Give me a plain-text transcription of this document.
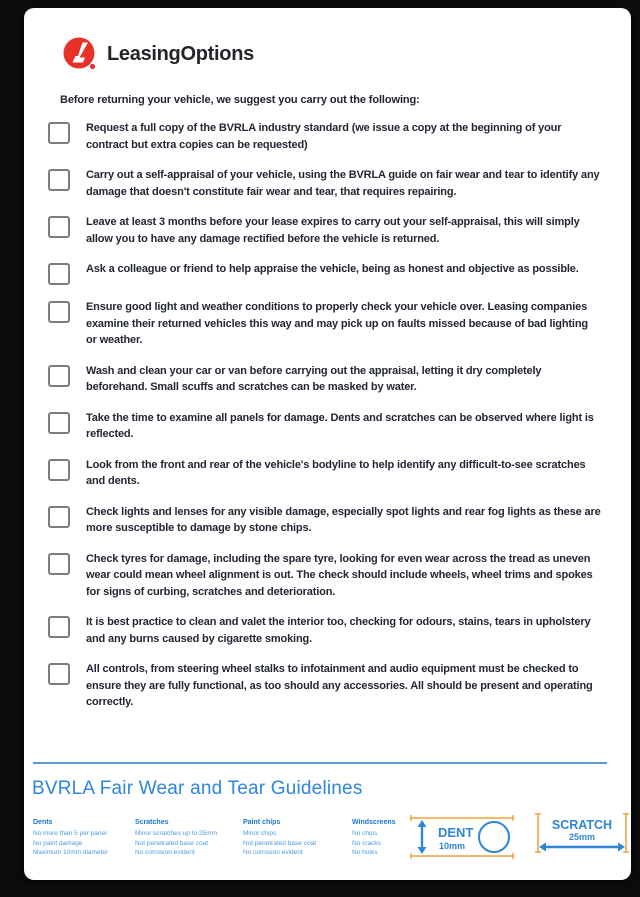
LeasingOptions
Before returning your vehicle, we suggest you carry out the following:
Request a full copy of the BVRLA industry standard (we issue a copy at the beginning of your contract but extra copies can be requested)
Carry out a self-appraisal of your vehicle, using the BVRLA guide on fair wear and tear to identify any damage that doesn't constitute fair wear and tear, that requires repairing.
Leave at least 3 months before your lease expires to carry out your self-appraisal, this will simply allow you to have any damage rectified before the vehicle is returned.
Ask a colleague or friend to help appraise the vehicle, being as honest and objective as possible.
Ensure good light and weather conditions to properly check your vehicle over. Leasing companies examine their returned vehicles this way and may pick up on faults missed because of bad lighting or weather.
Wash and clean your car or van before carrying out the appraisal, letting it dry completely beforehand. Small scuffs and scratches can be masked by water.
Take the time to examine all panels for damage. Dents and scratches can be observed where light is reflected.
Look from the front and rear of the vehicle's bodyline to help identify any difficult-to-see scratches and dents.
Check lights and lenses for any visible damage, especially spot lights and rear fog lights as these are more susceptible to damage by stone chips.
Check tyres for damage, including the spare tyre, looking for even wear across the tread as uneven wear could mean wheel alignment is out. The check should include wheels, wheel trims and spokes for signs of curbing, scratches and deterioration.
It is best practice to clean and valet the interior too, checking for odours, stains, tears in upholstery and any burns caused by cigarette smoking.
All controls, from steering wheel stalks to infotainment and audio equipment must be checked to ensure they are fully functional, as too should any accessories. All should be present and operating correctly.
BVRLA Fair Wear and Tear Guidelines
Dents
No more than 5 per panel
No paint damage
Maximum 10mm diameter
Scratches
Minor scratches up to 25mm
Not penetrated base coat
No corrosion evident
Paint chips
Minor chips
Not penetrated base coat
No corrosion evident
Windscreens
No chips
No cracks
No holes
DENT
10mm
SCRATCH
25mm
